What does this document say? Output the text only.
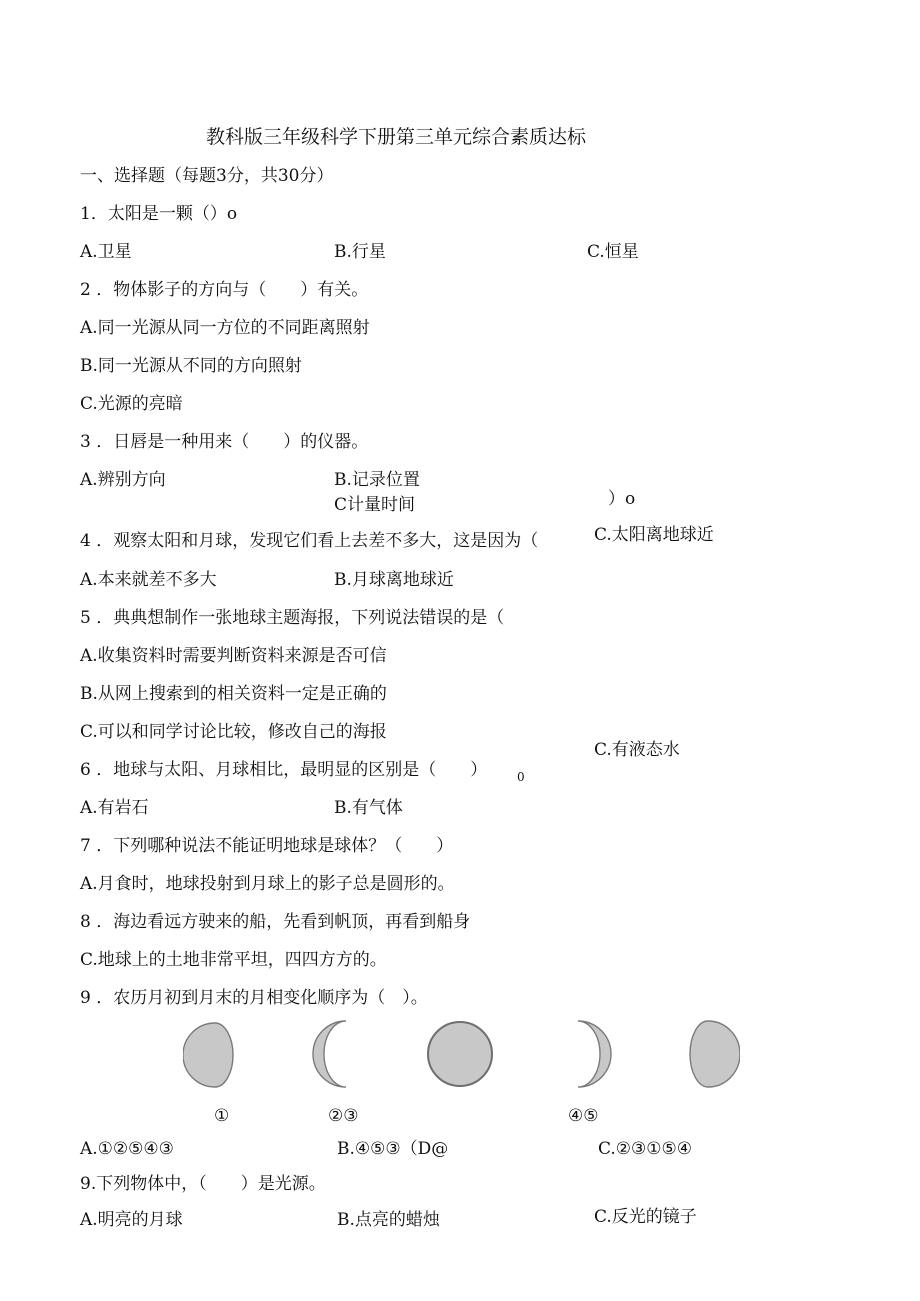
教科版三年级科学下册第三单元综合素质达标
一、选择题（每题3分，共30分）
1．太阳是一颗（）o
A.卫星	B.行星	C.恒星
2 ．物体影子的方向与（　　）有关。
A.同一光源从同一方位的不同距离照射
B.同一光源从不同的方向照射
C.光源的亮暗
3 ．日唇是一种用来（　　）的仪器。
A.辨别方向	B.记录位置
C计量时间	）o
4 ．观察太阳和月球，发现它们看上去差不多大，这是因为（	C.太阳离地球近
A.本来就差不多大	B.月球离地球近
5 ．典典想制作一张地球主题海报，下列说法错误的是（
A.收集资料时需要判断资料来源是否可信
B.从网上搜索到的相关资料一定是正确的
C.可以和同学讨论比较，修改自己的海报
C.有液态水
6 ．地球与太阳、月球相比，最明显的区别是（　　） 0
A.有岩石	B.有气体
7 ．下列哪种说法不能证明地球是球体？（　　）
A.月食时，地球投射到月球上的影子总是圆形的。
8 ．海边看远方驶来的船，先看到帆顶，再看到船身
C.地球上的土地非常平坦，四四方方的。
9 ．农历月初到月末的月相变化顺序为（　）。
①	②③	④⑤
A.①②⑤④③	B.④⑤③（D@	C.②③①⑤④
9.下列物体中，（　　）是光源。
A.明亮的月球	B.点亮的蜡烛	C.反光的镜子
